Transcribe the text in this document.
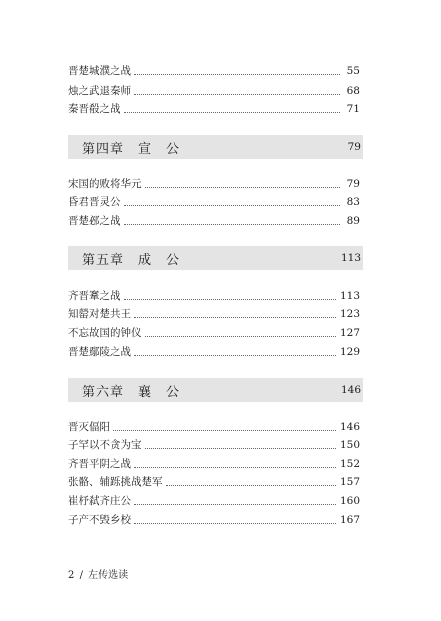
晋楚城濮之战	55
烛之武退秦师	68
秦晋殽之战	71
第四章　宣　公	79
宋国的败将华元	79
昏君晋灵公	83
晋楚邲之战	89
第五章　成　公	113
齐晋鞌之战	113
知罃对楚共王	123
不忘故国的钟仪	127
晋楚鄢陵之战	129
第六章　襄　公	146
晋灭偪阳	146
子罕以不贪为宝	150
齐晋平阴之战	152
张骼、辅跞挑战楚军	157
崔杼弑齐庄公	160
子产不毁乡校	167
2 / 左传选读
